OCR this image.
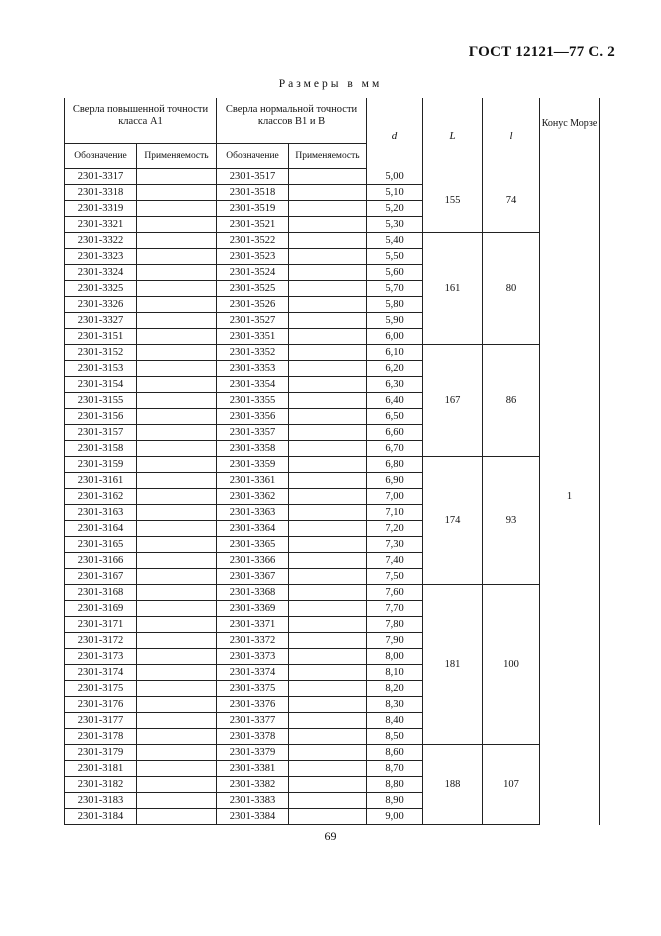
ГОСТ 12121—77 С. 2
Размеры в мм
Сверла повышенной точности класса А1		Сверла нормальной точности классов В1 и В		d	L	l	Конус Морзе
Обозначение	Применяемость	Обозначение	Применяемость				
2301-3317		2301-3517		5,00	155	74	1
2301-3318		2301-3518		5,10			
2301-3319		2301-3519		5,20			
2301-3321		2301-3521		5,30			
2301-3322		2301-3522		5,40	161	80	
2301-3323		2301-3523		5,50			
2301-3324		2301-3524		5,60			
2301-3325		2301-3525		5,70			
2301-3326		2301-3526		5,80			
2301-3327		2301-3527		5,90			
2301-3151		2301-3351		6,00			
2301-3152		2301-3352		6,10	167	86	
2301-3153		2301-3353		6,20			
2301-3154		2301-3354		6,30			
2301-3155		2301-3355		6,40			
2301-3156		2301-3356		6,50			
2301-3157		2301-3357		6,60			
2301-3158		2301-3358		6,70			
2301-3159		2301-3359		6,80	174	93	
2301-3161		2301-3361		6,90			
2301-3162		2301-3362		7,00			
2301-3163		2301-3363		7,10			
2301-3164		2301-3364		7,20			
2301-3165		2301-3365		7,30			
2301-3166		2301-3366		7,40			
2301-3167		2301-3367		7,50			
2301-3168		2301-3368		7,60	181	100	
2301-3169		2301-3369		7,70			
2301-3171		2301-3371		7,80			
2301-3172		2301-3372		7,90			
2301-3173		2301-3373		8,00			
2301-3174		2301-3374		8,10			
2301-3175		2301-3375		8,20			
2301-3176		2301-3376		8,30			
2301-3177		2301-3377		8,40			
2301-3178		2301-3378		8,50			
2301-3179		2301-3379		8,60	188	107	
2301-3181		2301-3381		8,70			
2301-3182		2301-3382		8,80			
2301-3183		2301-3383		8,90			
2301-3184		2301-3384		9,00			
69
